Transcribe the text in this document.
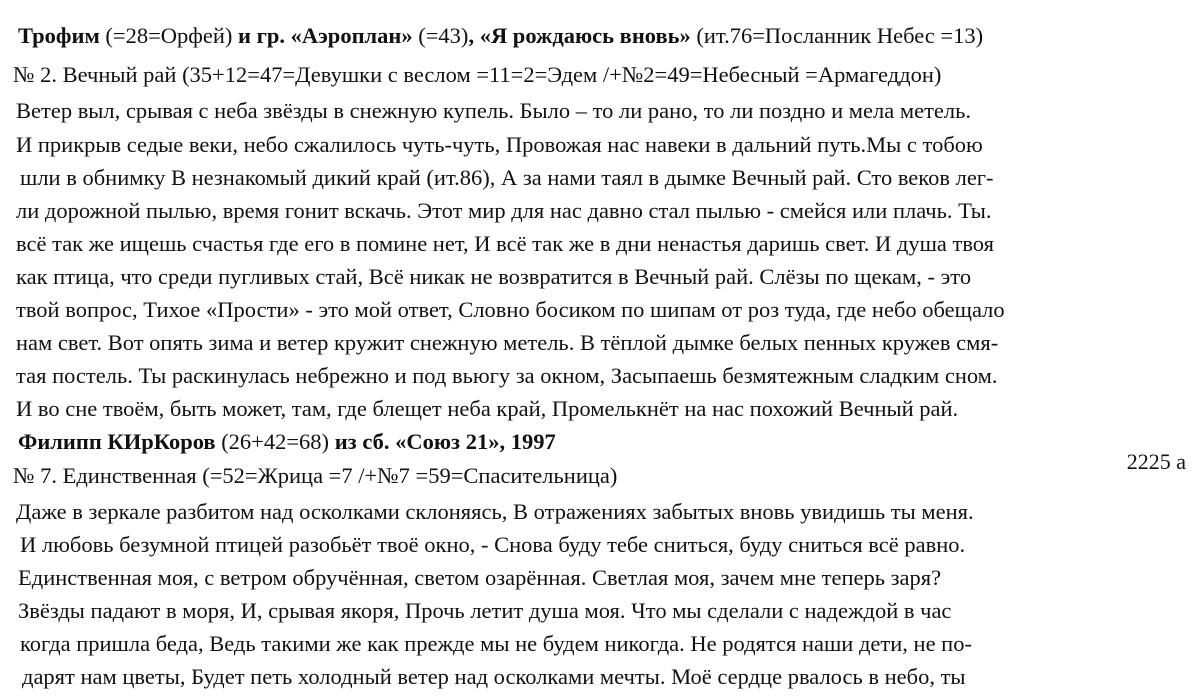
Трофим (=28=Орфей) и гр. «Аэроплан» (=43), «Я рождаюсь вновь» (ит.76=Посланник Небес =13)
№ 2. Вечный рай (35+12=47=Девушки с веслом =11=2=Эдем /+№2=49=Небесный =Армагеддон)
Ветер выл, срывая с неба звёзды в снежную купель. Было – то ли рано, то ли поздно и мела метель.
И прикрыв седые веки, небо сжалилось чуть-чуть, Провожая нас навеки в дальний путь.Мы с тобою
шли в обнимку В незнакомый дикий край (ит.86), А за нами таял в дымке Вечный рай. Сто веков лег-
ли дорожной пылью, время гонит вскачь. Этот мир для нас давно стал пылью - смейся или плачь. Ты.
всё так же ищешь счастья где его в помине нет, И всё так же в дни ненастья даришь свет. И душа твоя
как птица, что среди пугливых стай, Всё никак не возвратится в Вечный рай. Слёзы по щекам, - это
твой вопрос, Тихое «Прости» - это мой ответ, Словно босиком по шипам от роз туда, где небо обещало
нам свет. Вот опять зима и ветер кружит снежную метель. В тёплой дымке белых пенных кружев смя-
тая постель. Ты раскинулась небрежно и под вьюгу за окном, Засыпаешь безмятежным сладким сном.
И во сне твоём, быть может, там, где блещет неба край, Промелькнёт на нас похожий Вечный рай.
Филипп КИрКоров (26+42=68) из сб. «Союз 21», 1997
2225 а
№ 7. Единственная (=52=Жрица =7 /+№7 =59=Спасительница)
Даже в зеркале разбитом над осколками склоняясь, В отражениях забытых вновь увидишь ты меня.
И любовь безумной птицей разобьёт твоё окно, - Снова буду тебе сниться, буду сниться всё равно.
Единственная моя, с ветром обручённая, светом озарённая. Светлая моя, зачем мне теперь заря?
Звёзды падают в моря, И, срывая якоря, Прочь летит душа моя. Что мы сделали с надеждой в час
когда пришла беда, Ведь такими же как прежде мы не будем никогда. Не родятся наши дети, не по-
дарят нам цветы, Будет петь холодный ветер над осколками мечты. Моё сердце рвалось в небо, ты
